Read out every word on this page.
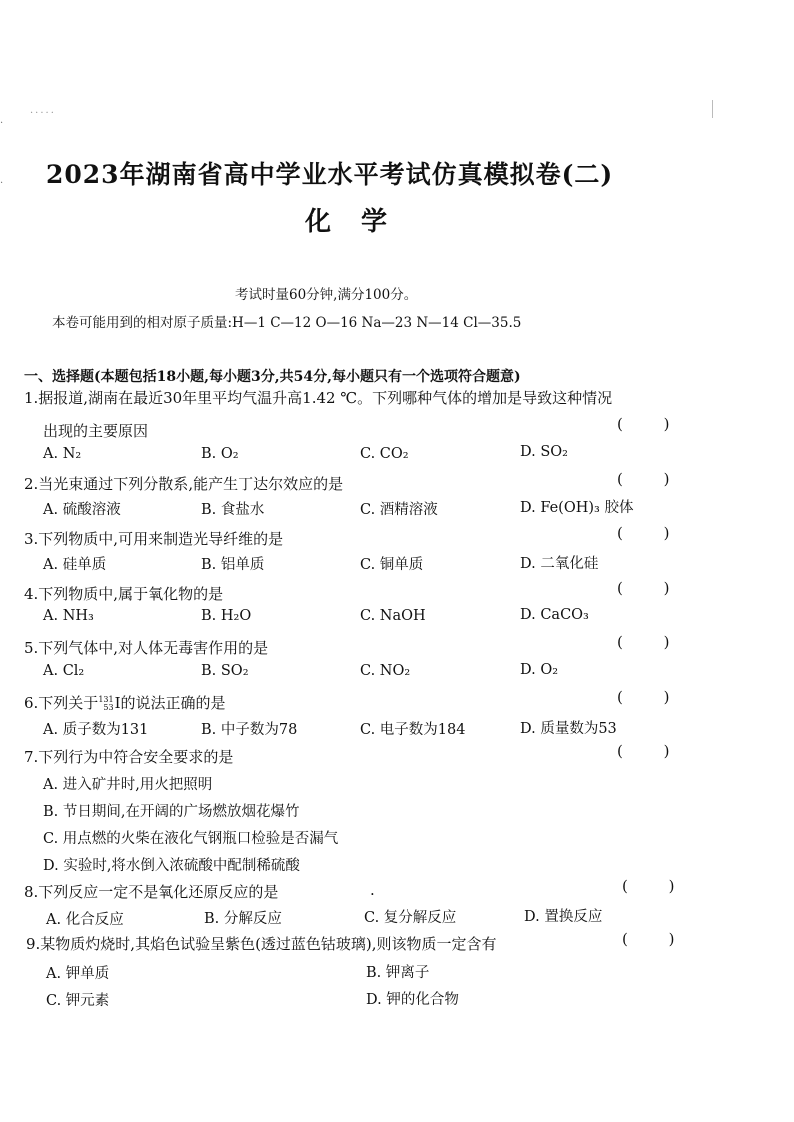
·····
·
· 2023年湖南省高中学业水平考试仿真模拟卷(二)
化学
考试时量60分钟,满分100分。
本卷可能用到的相对原子质量:H—1 C—12 O—16 Na—23 N—14 Cl—35.5
一、选择题(本题包括18小题,每小题3分,共54分,每小题只有一个选项符合题意)
1.据报道,湖南在最近30年里平均气温升高1.42 ℃。下列哪种气体的增加是导致这种情况
出现的主要原因	( )
A. N₂	B. O₂	C. CO₂	D. SO₂
2.当光束通过下列分散系,能产生丁达尔效应的是	( )
A. 硫酸溶液	B. 食盐水	C. 酒精溶液	D. Fe(OH)₃ 胶体
3.下列物质中,可用来制造光导纤维的是	( )
A. 硅单质	B. 铝单质	C. 铜单质	D. 二氧化硅
4.下列物质中,属于氧化物的是	( )
A. NH₃	B. H₂O	C. NaOH	D. CaCO₃
5.下列气体中,对人体无毒害作用的是	( )
A. Cl₂	B. SO₂	C. NO₂	D. O₂
6.下列关于 131
53 I的说法正确的是	( )
A. 质子数为131	B. 中子数为78	C. 电子数为184	D. 质量数为53
7.下列行为中符合安全要求的是	( )
A. 进入矿井时,用火把照明
B. 节日期间,在开阔的广场燃放烟花爆竹
C. 用点燃的火柴在液化气钢瓶口检验是否漏气
D. 实验时,将水倒入浓硫酸中配制稀硫酸
8.下列反应一定不是氧化还原反应的是	.	( )
A. 化合反应	B. 分解反应	C. 复分解反应	D. 置换反应
9.某物质灼烧时,其焰色试验呈紫色(透过蓝色钴玻璃),则该物质一定含有	( )
A. 钾单质	B. 钾离子
C. 钾元素	D. 钾的化合物
